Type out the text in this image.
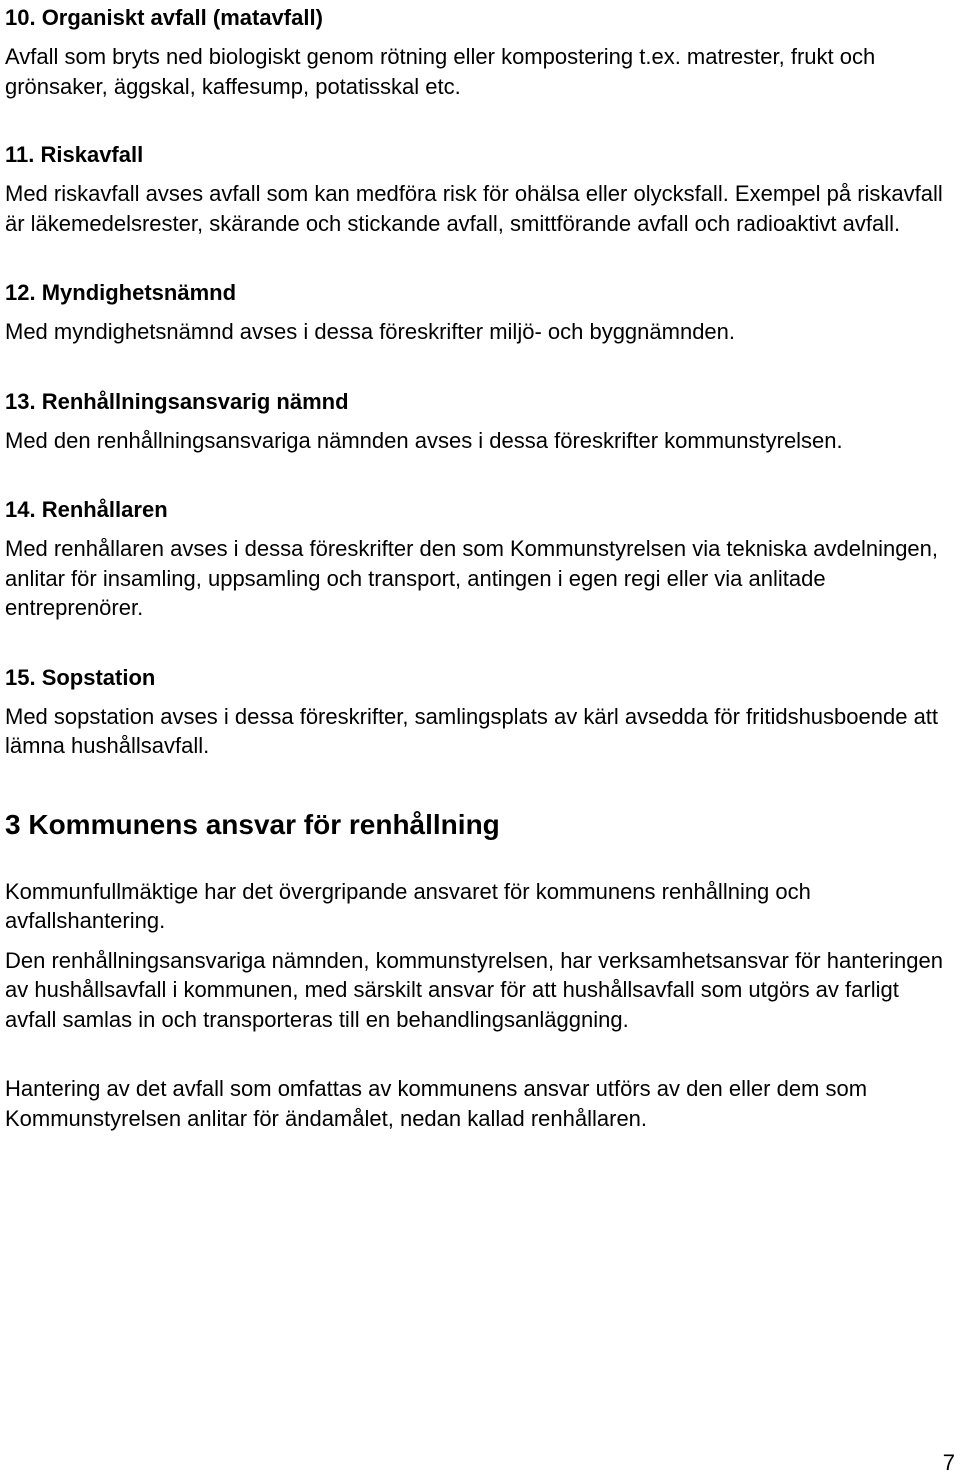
10. Organiskt avfall (matavfall)

Avfall som bryts ned biologiskt genom rötning eller kompostering t.ex. matrester, frukt och grönsaker, äggskal, kaffesump, potatisskal etc.

11. Riskavfall

Med riskavfall avses avfall som kan medföra risk för ohälsa eller olycksfall. Exempel på riskavfall är läkemedelsrester, skärande och stickande avfall, smittförande avfall och radioaktivt avfall.

12. Myndighetsnämnd

Med myndighetsnämnd avses i dessa föreskrifter miljö- och byggnämnden.

13. Renhållningsansvarig nämnd

Med den renhållningsansvariga nämnden avses i dessa föreskrifter kommunstyrelsen.

14. Renhållaren

Med renhållaren avses i dessa föreskrifter den som Kommunstyrelsen via tekniska avdelningen, anlitar för insamling, uppsamling och transport, antingen i egen regi eller via anlitade entreprenörer.

15. Sopstation

Med sopstation avses i dessa föreskrifter, samlingsplats av kärl avsedda för fritidshusboende att lämna hushållsavfall.

3 Kommunens ansvar för renhållning

Kommunfullmäktige har det övergripande ansvaret för kommunens renhållning och avfallshantering.

Den renhållningsansvariga nämnden, kommunstyrelsen, har verksamhetsansvar för hanteringen av hushållsavfall i kommunen, med särskilt ansvar för att hushållsavfall som utgörs av farligt avfall samlas in och transporteras till en behandlingsanläggning.

Hantering av det avfall som omfattas av kommunens ansvar utförs av den eller dem som Kommunstyrelsen anlitar för ändamålet, nedan kallad renhållaren.

7
